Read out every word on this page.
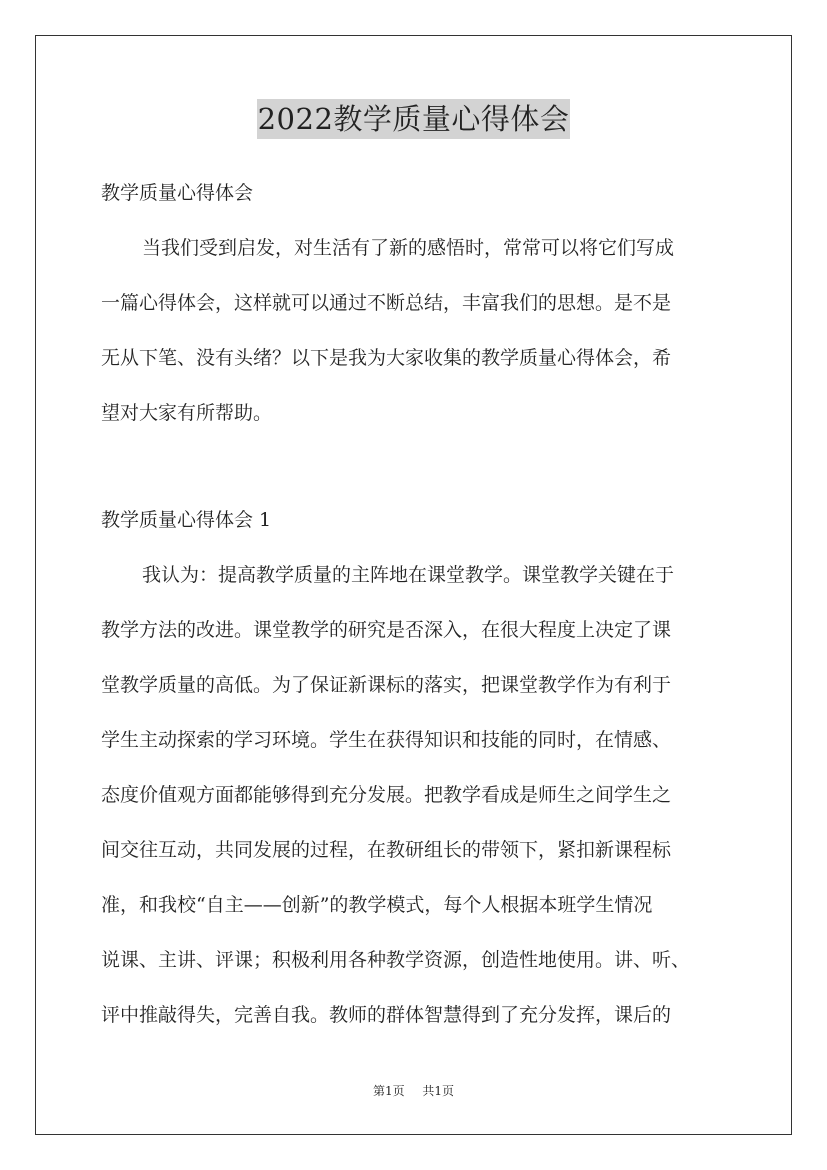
2022教学质量心得体会
教学质量心得体会
当我们受到启发，对生活有了新的感悟时，常常可以将它们写成
一篇心得体会，这样就可以通过不断总结，丰富我们的思想。是不是
无从下笔、没有头绪？以下是我为大家收集的教学质量心得体会，希
望对大家有所帮助。
教学质量心得体会 1
我认为：提高教学质量的主阵地在课堂教学。课堂教学关键在于
教学方法的改进。课堂教学的研究是否深入，在很大程度上决定了课
堂教学质量的高低。为了保证新课标的落实，把课堂教学作为有利于
学生主动探索的学习环境。学生在获得知识和技能的同时，在情感、
态度价值观方面都能够得到充分发展。把教学看成是师生之间学生之
间交往互动，共同发展的过程，在教研组长的带领下，紧扣新课程标
准，和我校“自主——创新”的教学模式，每个人根据本班学生情况
说课、主讲、评课；积极利用各种教学资源，创造性地使用。讲、听、
评中推敲得失，完善自我。教师的群体智慧得到了充分发挥，课后的
第1页 共1页
